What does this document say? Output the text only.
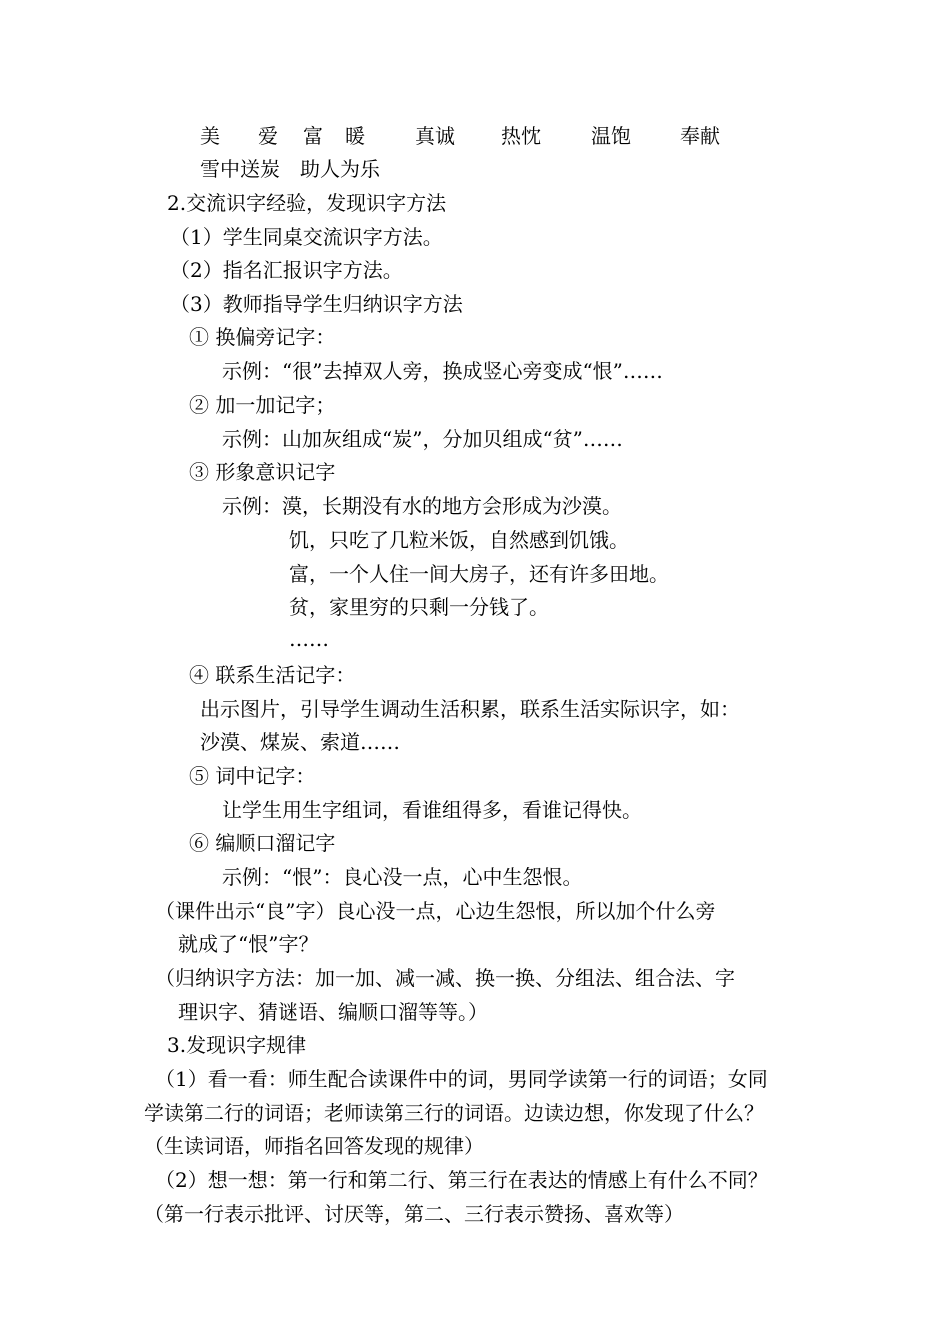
美 爱 富 暖	真诚 热忱	温饱 奉献
雪中送炭　助人为乐
2.交流识字经验，发现识字方法
（1）学生同桌交流识字方法。
（2）指名汇报识字方法。
（3）教师指导学生归纳识字方法
① 换偏旁记字：
示例：“很”去掉双人旁，换成竖心旁变成“恨”……
② 加一加记字；
示例：山加灰组成“炭”，分加贝组成“贫”……
③ 形象意识记字
示例：漠，长期没有水的地方会形成为沙漠。
饥，只吃了几粒米饭，自然感到饥饿。
富，一个人住一间大房子，还有许多田地。
贫，家里穷的只剩一分钱了。
……
④ 联系生活记字：
出示图片，引导学生调动生活积累，联系生活实际识字，如：
沙漠、煤炭、索道……
⑤ 词中记字：
让学生用生字组词，看谁组得多，看谁记得快。
⑥ 编顺口溜记字
示例：“恨”：良心没一点，心中生怨恨。
（课件出示“良”字）良心没一点，心边生怨恨，所以加个什么旁
就成了“恨”字？
（归纳识字方法：加一加、减一减、换一换、分组法、组合法、字
理识字、猜谜语、编顺口溜等等。）
3.发现识字规律
（1）看一看：师生配合读课件中的词，男同学读第一行的词语；女同
学读第二行的词语；老师读第三行的词语。边读边想，你发现了什么？
（生读词语，师指名回答发现的规律）
（2）想一想：第一行和第二行、第三行在表达的情感上有什么不同？
（第一行表示批评、讨厌等，第二、三行表示赞扬、喜欢等）
